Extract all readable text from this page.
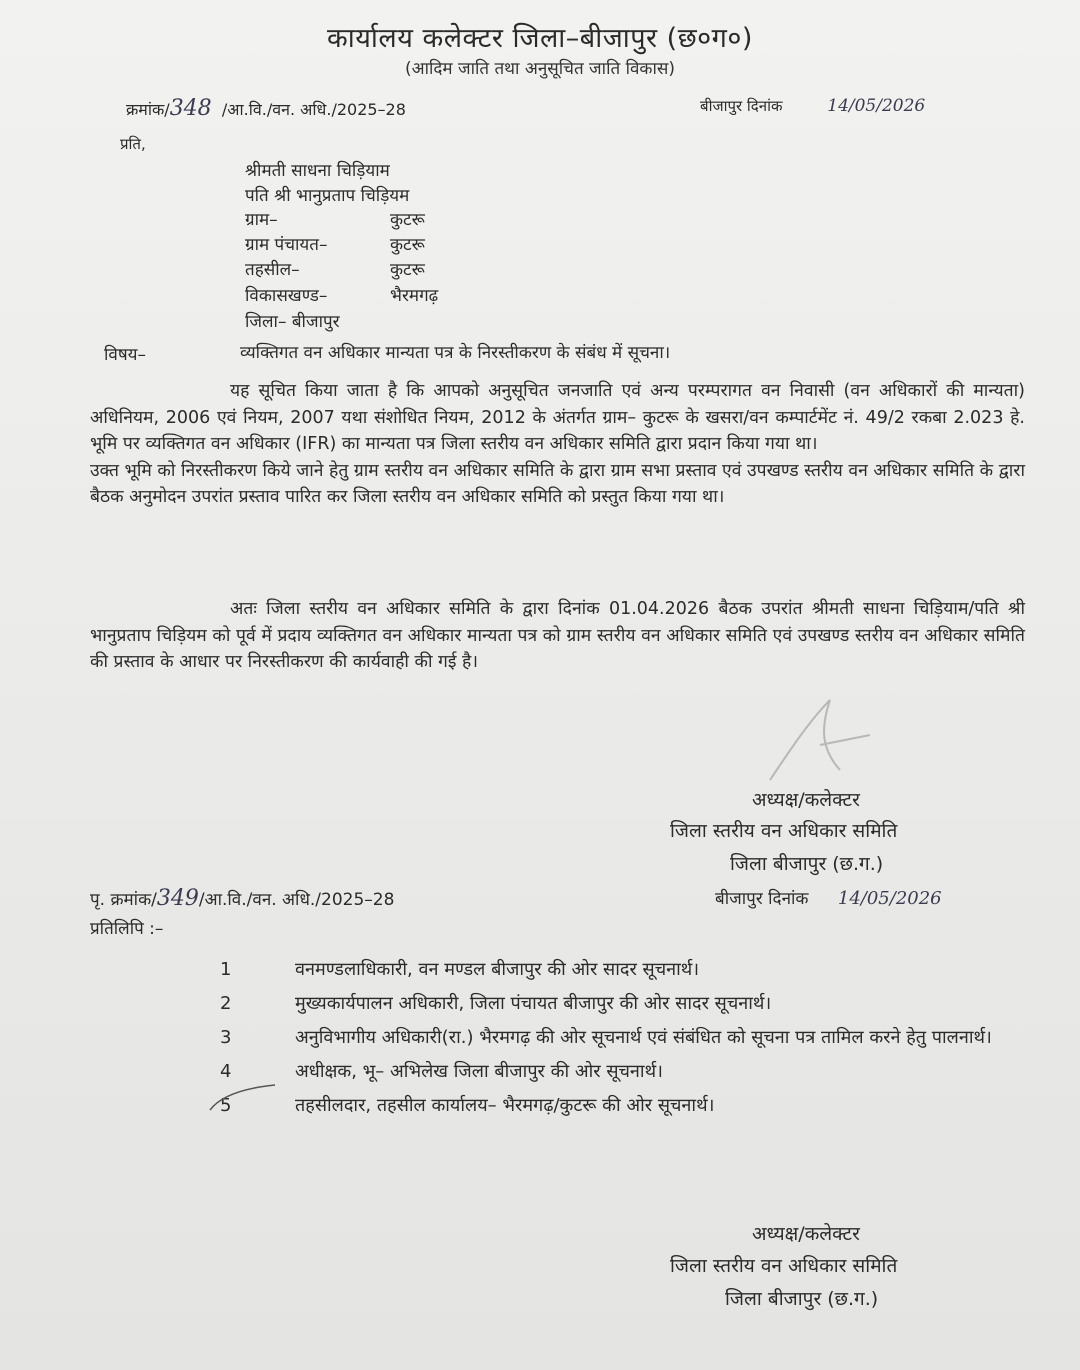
कार्यालय कलेक्टर जिला–बीजापुर (छ०ग०)
(आदिम जाति तथा अनुसूचित जाति विकास)
क्रमांक/348 /आ.वि./वन. अधि./2025–28	बीजापुर दिनांक	14/05/2026
प्रति,
श्रीमती साधना चिड़ियाम
पति श्री भानुप्रताप चिड़ियम
ग्राम–	कुटरू
ग्राम पंचायत–	कुटरू
तहसील–	कुटरू
विकासखण्ड–	भैरमगढ़
जिला– बीजापुर
विषय–	व्यक्तिगत वन अधिकार मान्यता पत्र के निरस्तीकरण के संबंध में सूचना।

यह सूचित किया जाता है कि आपको अनुसूचित जनजाति एवं अन्य परम्परागत वन निवासी (वन अधिकारों की मान्यता) अधिनियम, 2006 एवं नियम, 2007 यथा संशोधित नियम, 2012 के अंतर्गत ग्राम– कुटरू के खसरा/वन कम्पार्टमेंट नं. 49/2 रकबा 2.023 हे. भूमि पर व्यक्तिगत वन अधिकार (IFR) का मान्यता पत्र जिला स्तरीय वन अधिकार समिति द्वारा प्रदान किया गया था।

उक्त भूमि को निरस्तीकरण किये जाने हेतु ग्राम स्तरीय वन अधिकार समिति के द्वारा ग्राम सभा प्रस्ताव एवं उपखण्ड स्तरीय वन अधिकार समिति के द्वारा बैठक अनुमोदन उपरांत प्रस्ताव पारित कर जिला स्तरीय वन अधिकार समिति को प्रस्तुत किया गया था।

अतः जिला स्तरीय वन अधिकार समिति के द्वारा दिनांक 01.04.2026 बैठक उपरांत श्रीमती साधना चिड़ियाम/पति श्री भानुप्रताप चिड़ियम को पूर्व में प्रदाय व्यक्तिगत वन अधिकार मान्यता पत्र को ग्राम स्तरीय वन अधिकार समिति एवं उपखण्ड स्तरीय वन अधिकार समिति की प्रस्ताव के आधार पर निरस्तीकरण की कार्यवाही की गई है।

अध्यक्ष/कलेक्टर
जिला स्तरीय वन अधिकार समिति
जिला बीजापुर (छ.ग.)
पृ. क्रमांक/349/आ.वि./वन. अधि./2025–28	बीजापुर दिनांक 14/05/2026
प्रतिलिपि :–
1	वनमण्डलाधिकारी, वन मण्डल बीजापुर की ओर सादर सूचनार्थ।
2	मुख्यकार्यपालन अधिकारी, जिला पंचायत बीजापुर की ओर सादर सूचनार्थ।
3	अनुविभागीय अधिकारी(रा.) भैरमगढ़ की ओर सूचनार्थ एवं संबंधित को सूचना पत्र तामिल करने हेतु पालनार्थ।
4	अधीक्षक, भू– अभिलेख जिला बीजापुर की ओर सूचनार्थ।
5	तहसीलदार, तहसील कार्यालय– भैरमगढ़/कुटरू की ओर सूचनार्थ।
अध्यक्ष/कलेक्टर
जिला स्तरीय वन अधिकार समिति
जिला बीजापुर (छ.ग.)
